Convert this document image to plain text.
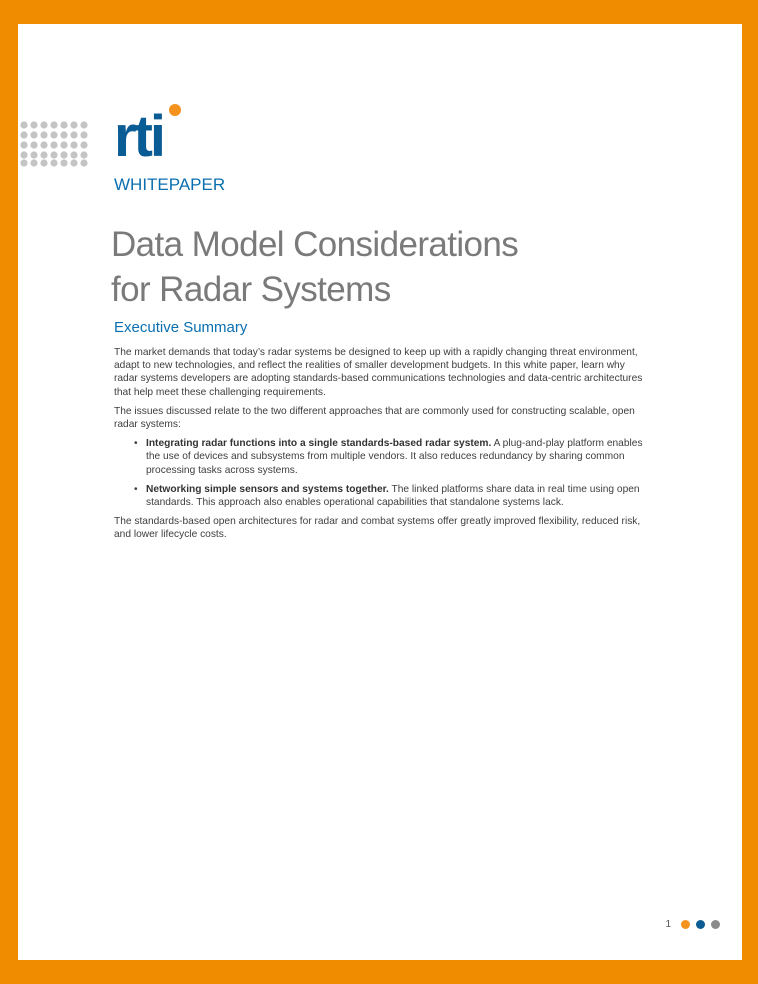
rti
WHITEPAPER
Data Model Considerations
for Radar Systems
Executive Summary

The market demands that today’s radar systems be designed to keep up with a rapidly changing threat environment, adapt to new technologies, and reflect the realities of smaller development budgets. In this white paper, learn why radar systems developers are adopting standards-based communications technologies and data-centric architectures that help meet these challenging requirements.

The issues discussed relate to the two different approaches that are commonly used for constructing scalable, open radar systems:

• Integrating radar functions into a single standards-based radar system. A plug-and-play platform enables the use of devices and subsystems from multiple vendors. It also reduces redundancy by sharing common processing tasks across systems.
• Networking simple sensors and systems together. The linked platforms share data in real time using open standards. This approach also enables operational capabilities that standalone systems lack.

The standards-based open architectures for radar and combat systems offer greatly improved flexibility, reduced risk, and lower lifecycle costs.

1
